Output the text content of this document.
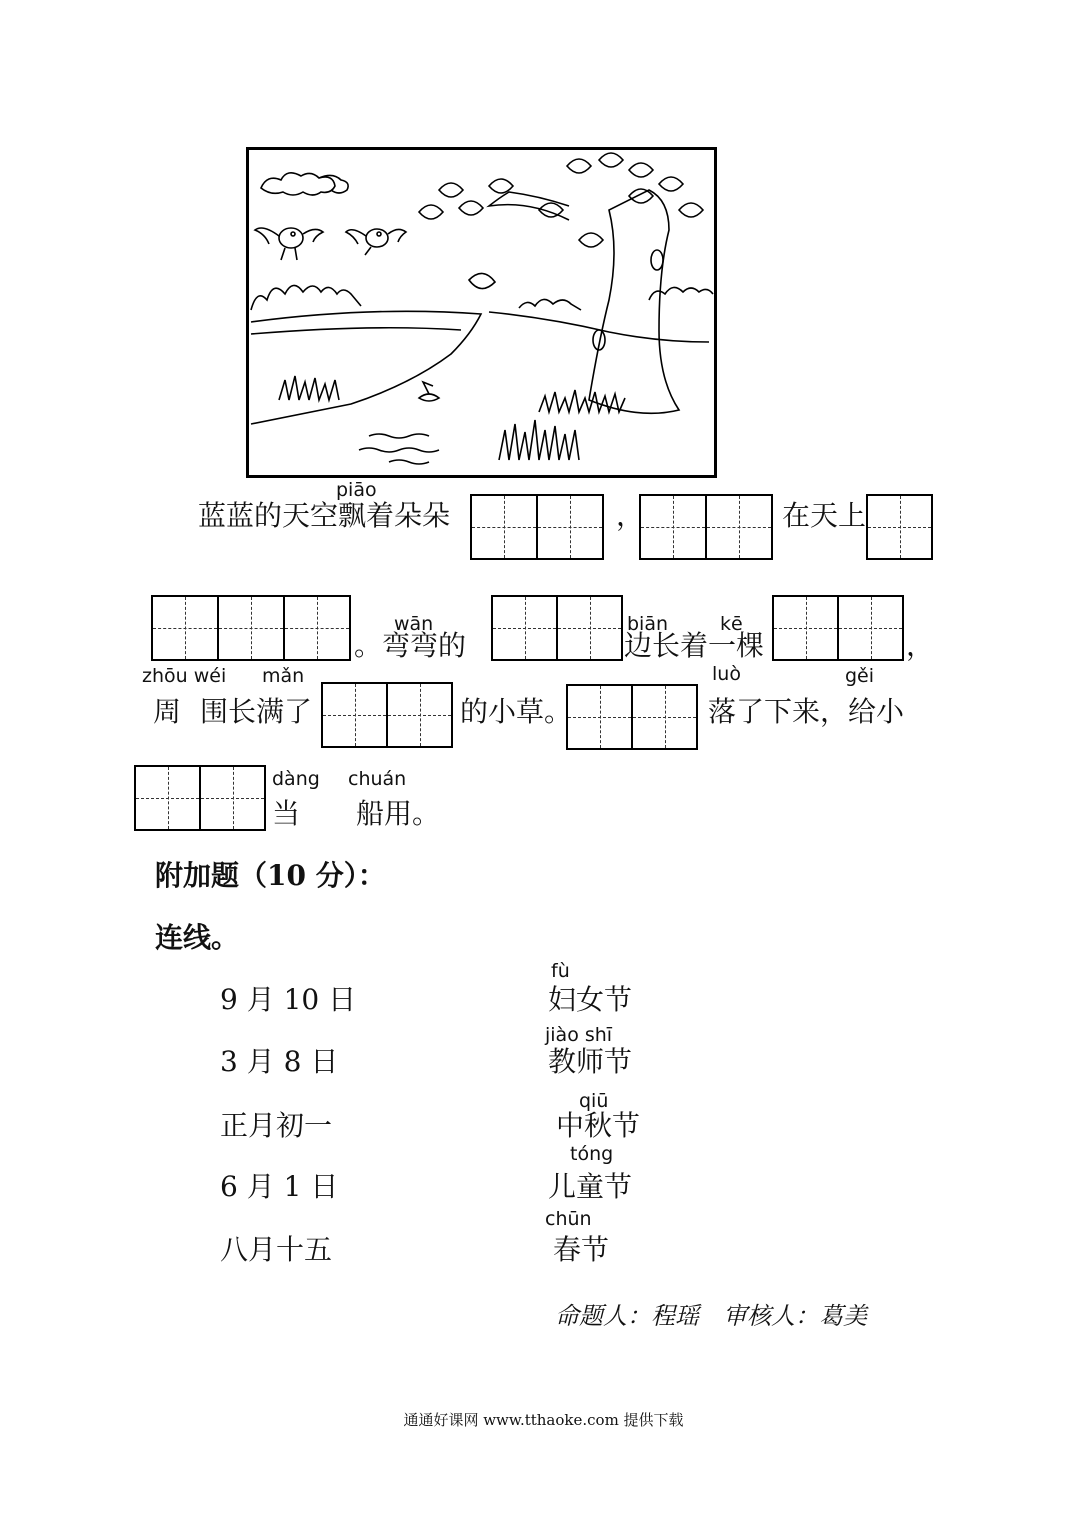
piāo
蓝蓝的天空飘着朵朵	，	在天上
wān
。弯弯的
biān	kē
边长着一棵	，
zhōu wéi mǎn	luò	gěi
周 围长满了	的小草。	落了下来，给小
dàng chuán
当 船用。
附加题（10 分）：
连线。
9 月 10 日
3 月 8 日
正月初一
6 月 1 日
八月十五
fù
妇女节
jiào shī
教师节
qiū
中秋节
tóng
儿童节
chūn
春节
命题人：程瑶　审核人：葛美
通通好课网 www.tthaoke.com 提供下载
